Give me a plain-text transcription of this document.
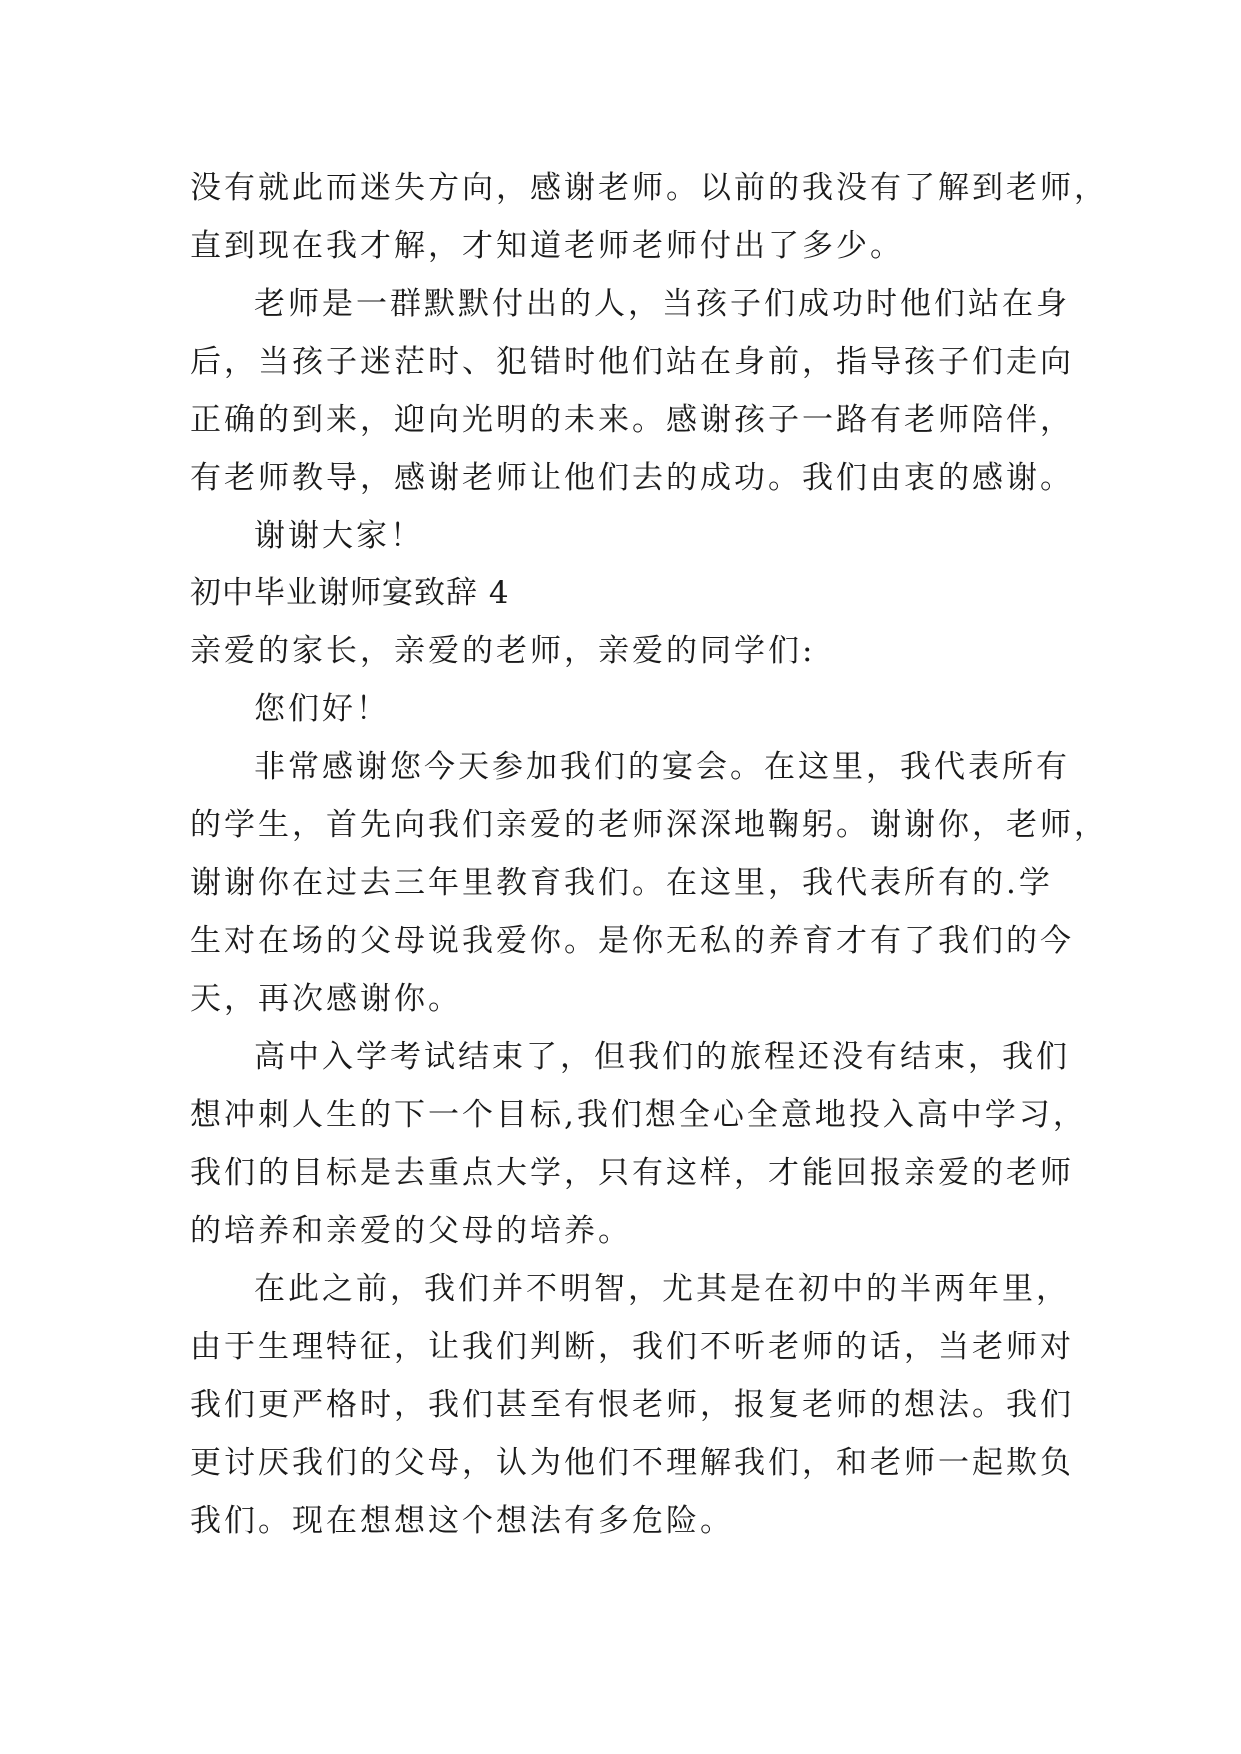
没有就此而迷失方向，感谢老师。以前的我没有了解到老师，
直到现在我才解，才知道老师老师付出了多少。
老师是一群默默付出的人，当孩子们成功时他们站在身
后，当孩子迷茫时、犯错时他们站在身前，指导孩子们走向
正确的到来，迎向光明的未来。感谢孩子一路有老师陪伴，
有老师教导，感谢老师让他们去的成功。我们由衷的感谢。
谢谢大家！
初中毕业谢师宴致辞 4
亲爱的家长，亲爱的老师，亲爱的同学们:
您们好！
非常感谢您今天参加我们的宴会。在这里，我代表所有
的学生，首先向我们亲爱的老师深深地鞠躬。谢谢你，老师，
谢谢你在过去三年里教育我们。在这里，我代表所有的.学
生对在场的父母说我爱你。是你无私的养育才有了我们的今
天，再次感谢你。
高中入学考试结束了，但我们的旅程还没有结束，我们
想冲刺人生的下一个目标,我们想全心全意地投入高中学习，
我们的目标是去重点大学，只有这样，才能回报亲爱的老师
的培养和亲爱的父母的培养。
在此之前，我们并不明智，尤其是在初中的半两年里，
由于生理特征，让我们判断，我们不听老师的话，当老师对
我们更严格时，我们甚至有恨老师，报复老师的想法。我们
更讨厌我们的父母，认为他们不理解我们，和老师一起欺负
我们。现在想想这个想法有多危险。
